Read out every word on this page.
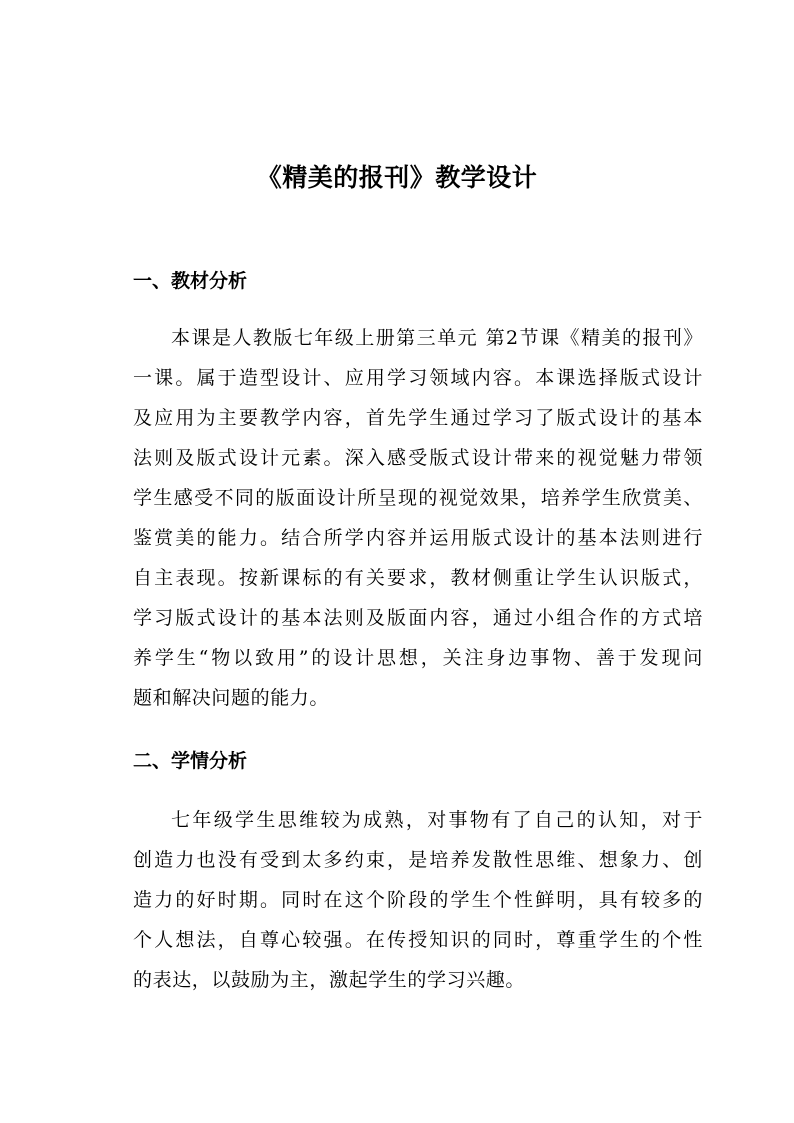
《精美的报刊》教学设计
一、教材分析
本课是人教版七年级上册第三单元 第2节课《精美的报刊》
一课。属于造型设计、应用学习领域内容。本课选择版式设计
及应用为主要教学内容，首先学生通过学习了版式设计的基本
法则及版式设计元素。深入感受版式设计带来的视觉魅力带领
学生感受不同的版面设计所呈现的视觉效果，培养学生欣赏美、
鉴赏美的能力。结合所学内容并运用版式设计的基本法则进行
自主表现。按新课标的有关要求，教材侧重让学生认识版式，
学习版式设计的基本法则及版面内容，通过小组合作的方式培
养学生“物以致用”的设计思想，关注身边事物、善于发现问
题和解决问题的能力。
二、学情分析
七年级学生思维较为成熟，对事物有了自己的认知，对于
创造力也没有受到太多约束，是培养发散性思维、想象力、创
造力的好时期。同时在这个阶段的学生个性鲜明，具有较多的
个人想法，自尊心较强。在传授知识的同时，尊重学生的个性
的表达，以鼓励为主，激起学生的学习兴趣。
